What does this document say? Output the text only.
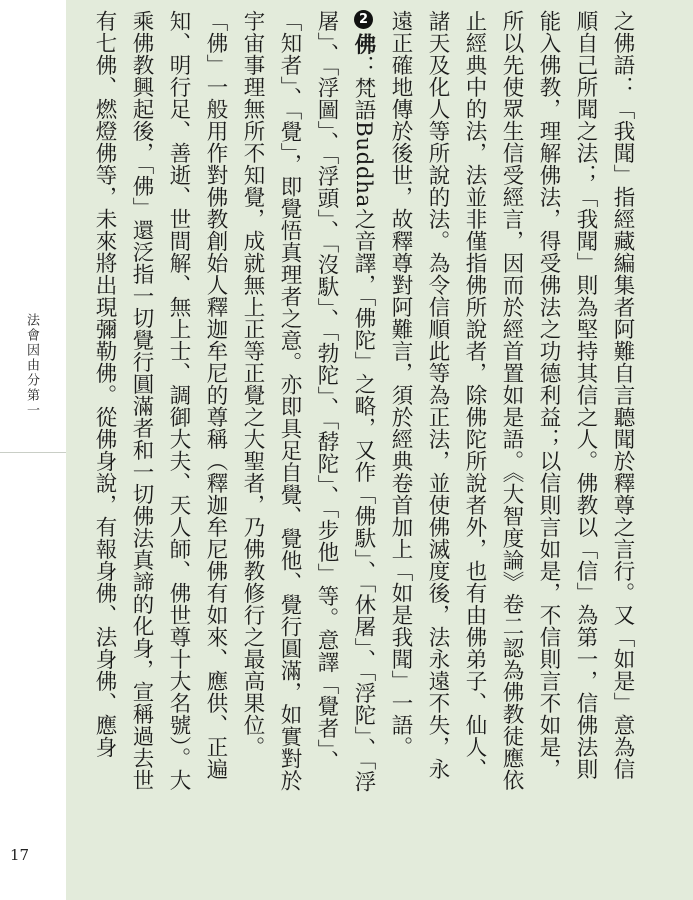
法會因由分第一
17

之佛語：「我聞」指經藏編集者阿難自言聽聞於釋尊之言行。又「如是」意為信順自己所聞之法；「我聞」則為堅持其信之人。佛教以「信」為第一，信佛法則能入佛教，理解佛法，得受佛法之功德利益；以信則言如是，不信則言不如是，所以先使眾生信受經言，因而於經首置如是語。《大智度論》卷二認為佛教徒應依止經典中的法，法並非僅指佛所說者，除佛陀所說者外，也有由佛弟子、仙人、諸天及化人等所說的法。為令信順此等為正法，並使佛滅度後，法永遠不失，永遠正確地傳於後世，故釋尊對阿難言，須於經典卷首加上「如是我聞」一語。

2佛：梵語Buddha之音譯，「佛陀」之略，又作「佛馱」、「休屠」、「浮陀」、「浮屠」、「浮圖」、「浮頭」、「沒馱」、「勃陀」、「馞陀」、「步他」等。意譯「覺者」、「知者」、「覺」，即覺悟真理者之意。亦即具足自覺、覺他、覺行圓滿，如實對於宇宙事理無所不知覺，成就無上正等正覺之大聖者，乃佛教修行之最高果位。「佛」一般用作對佛教創始人釋迦牟尼的尊稱（釋迦牟尼佛有如來、應供、正遍知、明行足、善逝、世間解、無上士、調御大夫、天人師、佛世尊十大名號）。大乘佛教興起後，「佛」還泛指一切覺行圓滿者和一切佛法真諦的化身，宣稱過去世有七佛、燃燈佛等，未來將出現彌勒佛。從佛身說，有報身佛、法身佛、應身
